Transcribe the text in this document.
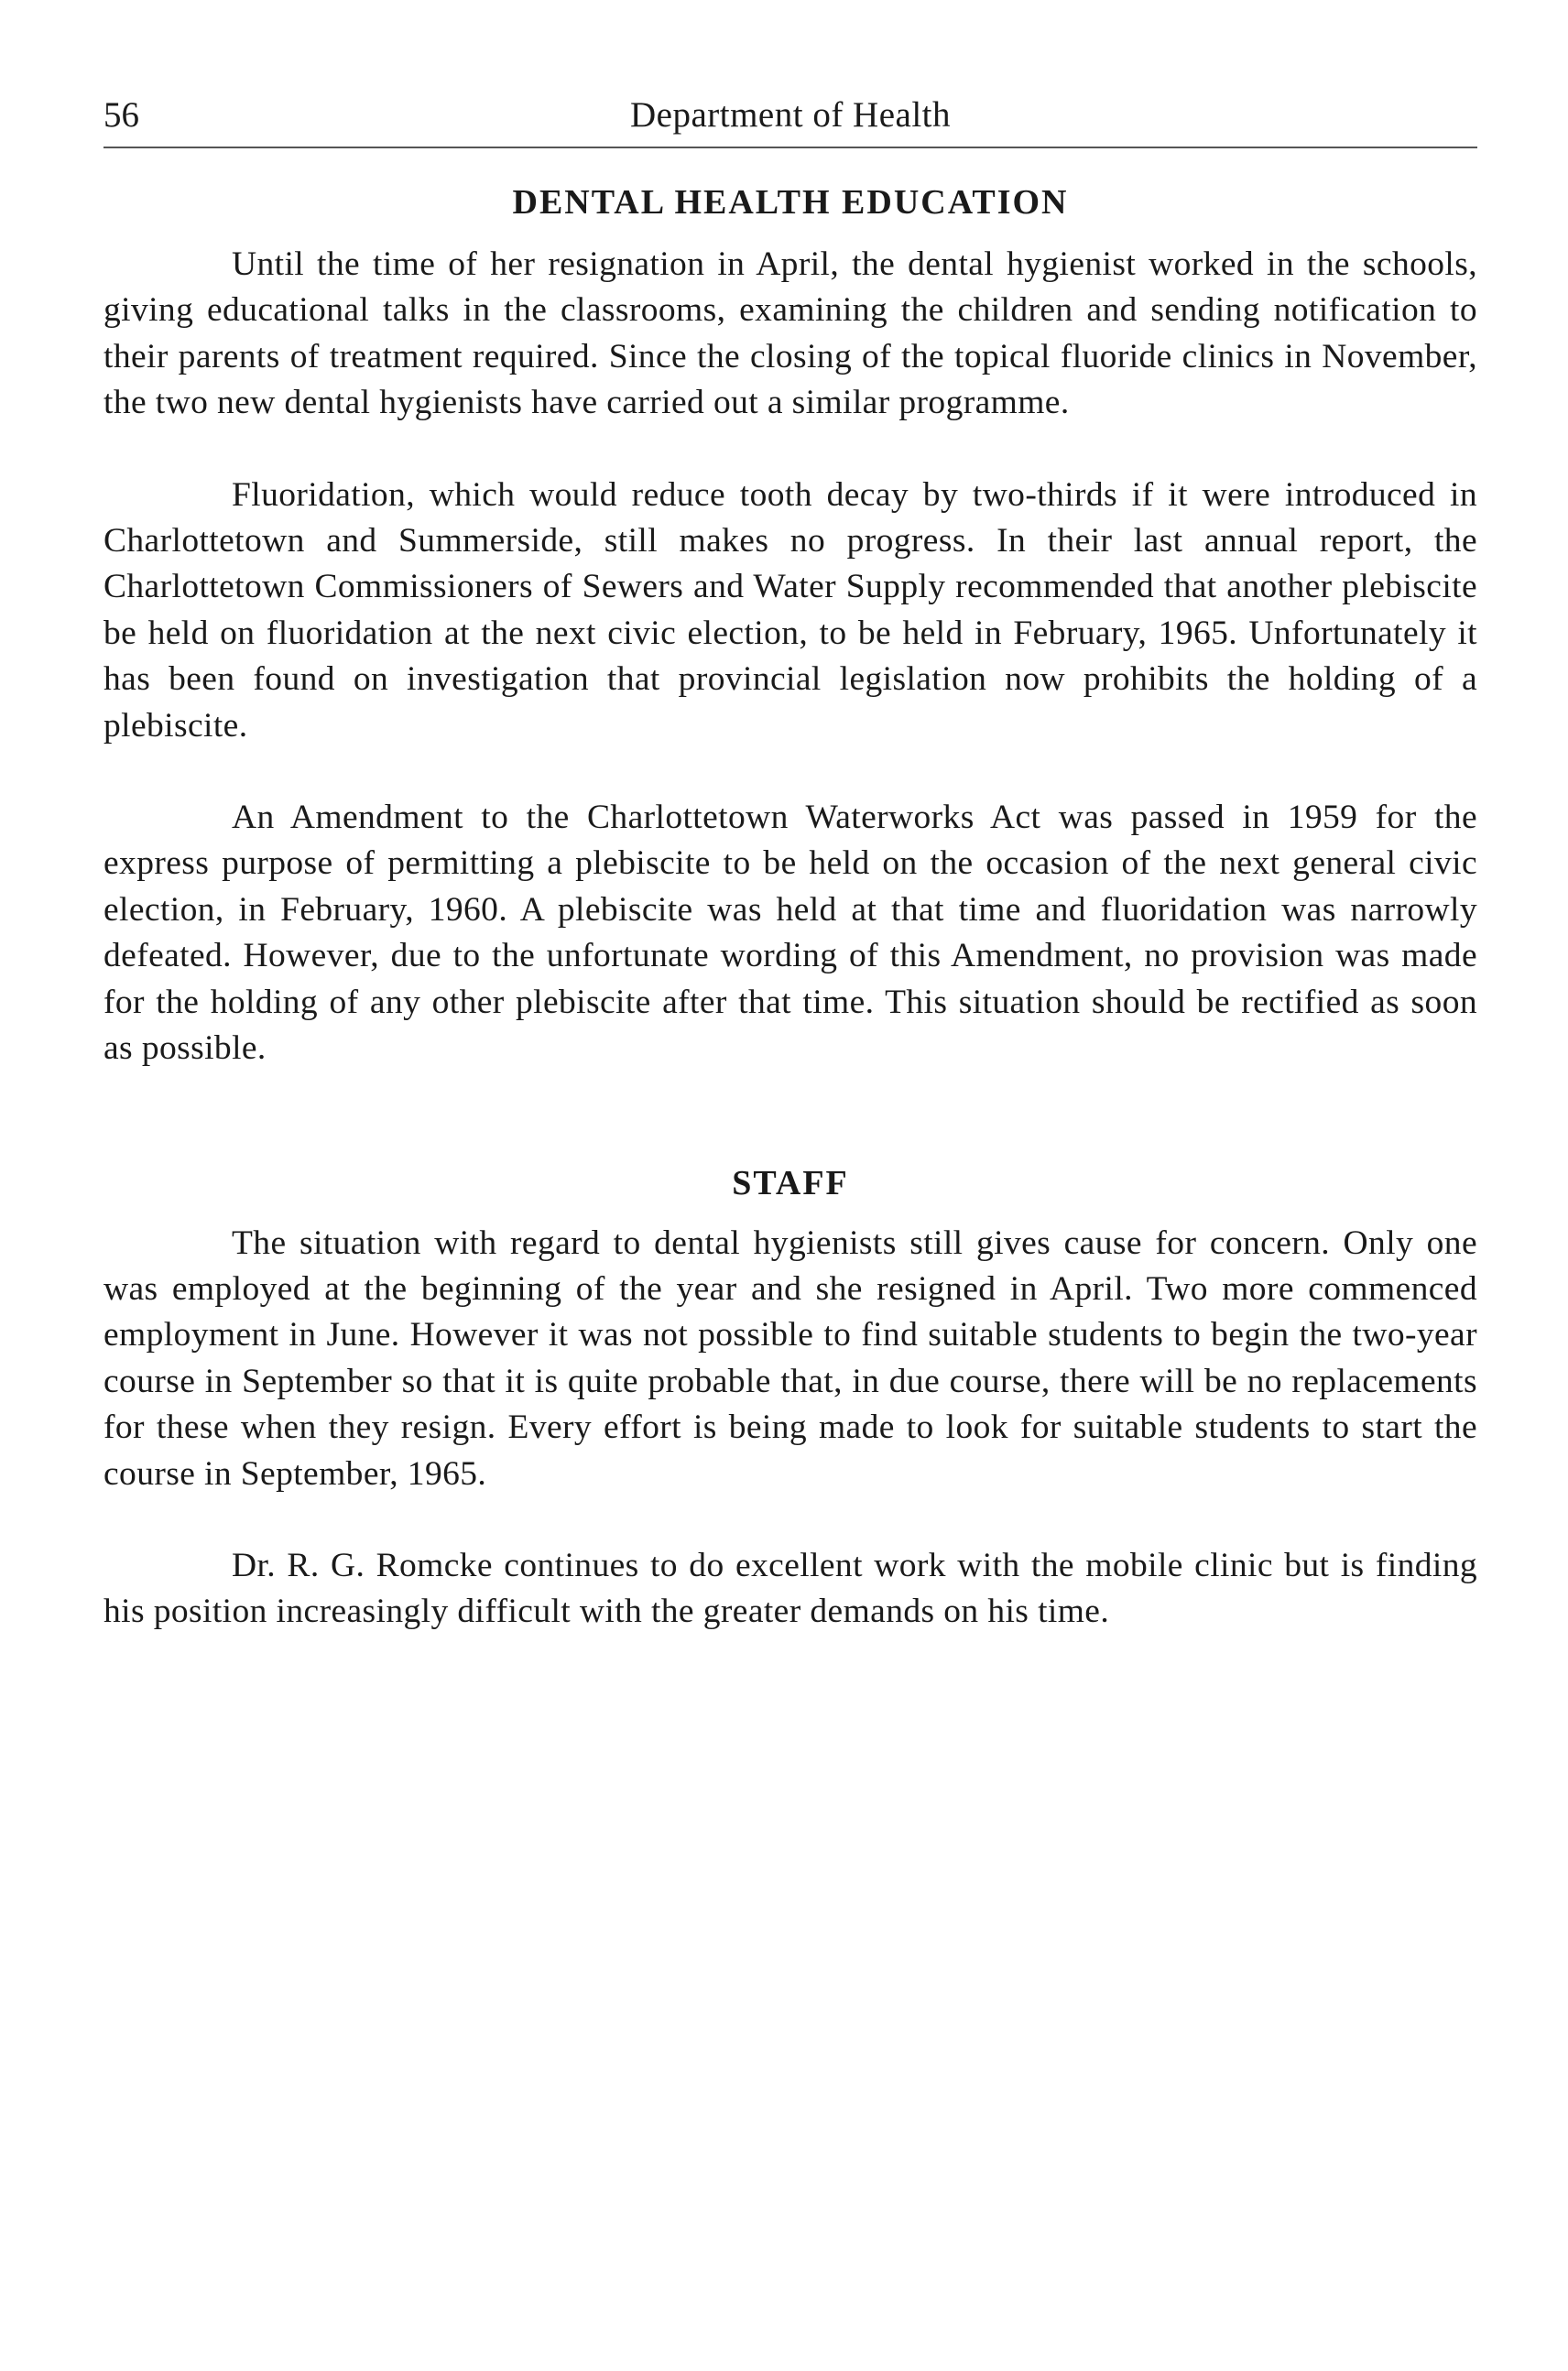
56	Department of Health
DENTAL HEALTH EDUCATION

Until the time of her resignation in April, the dental hygienist worked in the schools, giving educational talks in the classrooms, examining the children and sending notification to their parents of treatment required. Since the closing of the topical fluoride clinics in November, the two new dental hygienists have carried out a similar programme.

Fluoridation, which would reduce tooth decay by two-thirds if it were introduced in Charlottetown and Summerside, still makes no progress. In their last annual report, the Charlottetown Commissioners of Sewers and Water Supply recommended that another plebiscite be held on fluoridation at the next civic election, to be held in February, 1965. Unfortunately it has been found on investigation that provincial legislation now prohibits the holding of a plebiscite.

An Amendment to the Charlottetown Waterworks Act was passed in 1959 for the express purpose of permitting a plebiscite to be held on the occasion of the next general civic election, in February, 1960. A plebiscite was held at that time and fluoridation was narrowly defeated. However, due to the unfortunate wording of this Amendment, no provision was made for the holding of any other plebiscite after that time. This situation should be rectified as soon as possible.

STAFF

The situation with regard to dental hygienists still gives cause for concern. Only one was employed at the beginning of the year and she resigned in April. Two more commenced employment in June. However it was not possible to find suitable students to begin the two-year course in September so that it is quite probable that, in due course, there will be no replacements for these when they resign. Every effort is being made to look for suitable students to start the course in September, 1965.

Dr. R. G. Romcke continues to do excellent work with the mobile clinic but is finding his position increasingly difficult with the greater demands on his time.
